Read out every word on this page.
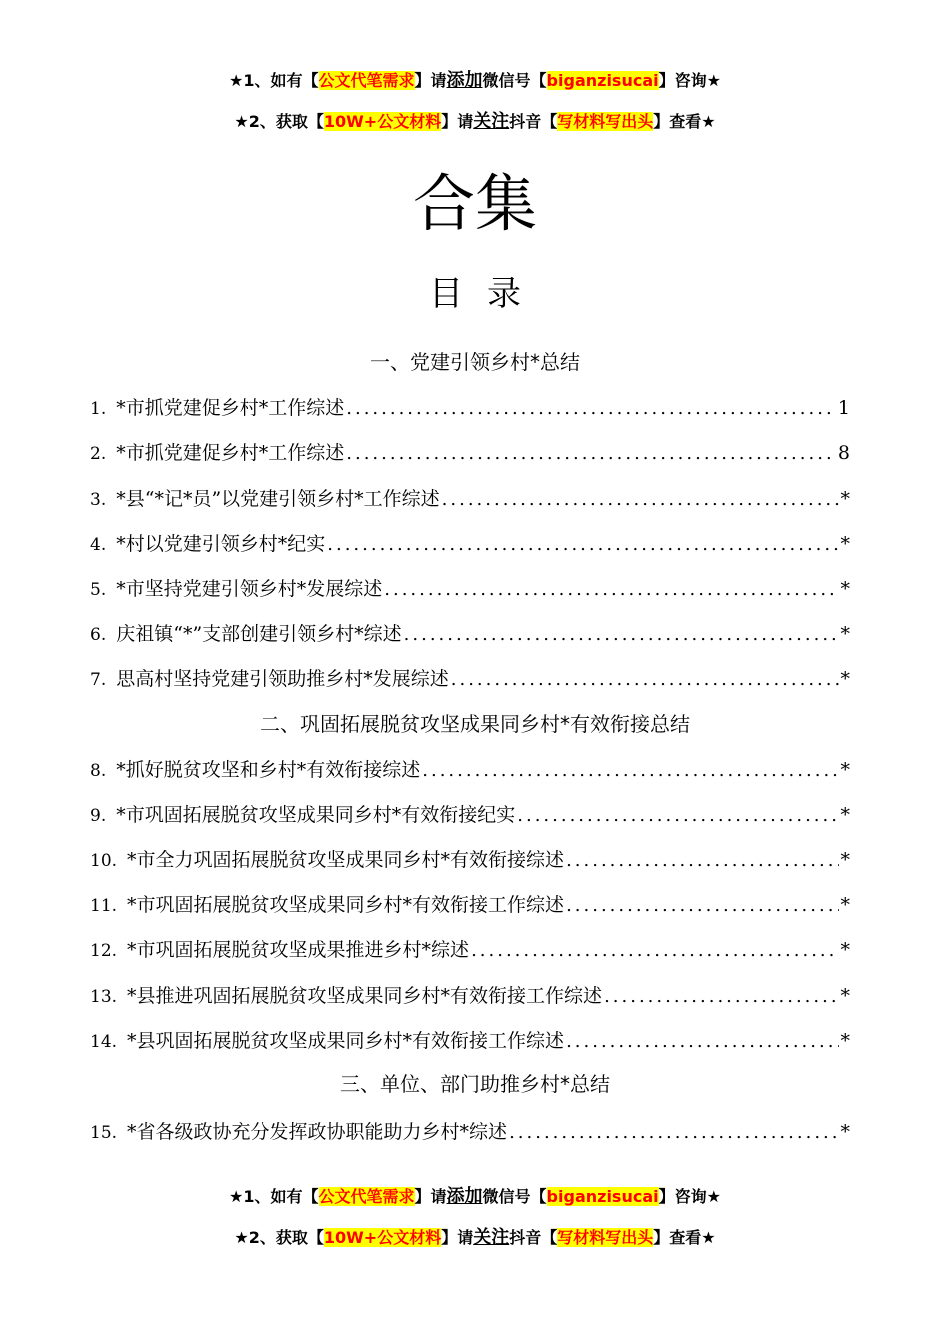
★1、如有【公文代笔需求】请添加微信号【biganzisucai】咨询★
★2、获取【10W+公文材料】请关注抖音【写材料写出头】查看★
合集
目录
一、党建引领乡村*总结
二、巩固拓展脱贫攻坚成果同乡村*有效衔接总结
三、单位、部门助推乡村*总结
1. *市抓党建促乡村*工作综述 .....	1
2. *市抓党建促乡村*工作综述 .....	8
3. *县“*记*员”以党建引领乡村*工作综述 .....	*
4. *村以党建引领乡村*纪实 .....	*
5. *市坚持党建引领乡村*发展综述 .....	*
6. 庆祖镇“*”支部创建引领乡村*综述 .....	*
7. 思高村坚持党建引领助推乡村*发展综述 .....	*
8. *抓好脱贫攻坚和乡村*有效衔接综述 .....	*
9. *市巩固拓展脱贫攻坚成果同乡村*有效衔接纪实 .....	*
10. *市全力巩固拓展脱贫攻坚成果同乡村*有效衔接综述 .....	*
11. *市巩固拓展脱贫攻坚成果同乡村*有效衔接工作综述 .....	*
12. *市巩固拓展脱贫攻坚成果推进乡村*综述 .....	*
13. *县推进巩固拓展脱贫攻坚成果同乡村*有效衔接工作综述 .....	*
14. *县巩固拓展脱贫攻坚成果同乡村*有效衔接工作综述 .....	*
15. *省各级政协充分发挥政协职能助力乡村*综述 .....	*
★1、如有【公文代笔需求】请添加微信号【biganzisucai】咨询★
★2、获取【10W+公文材料】请关注抖音【写材料写出头】查看★
